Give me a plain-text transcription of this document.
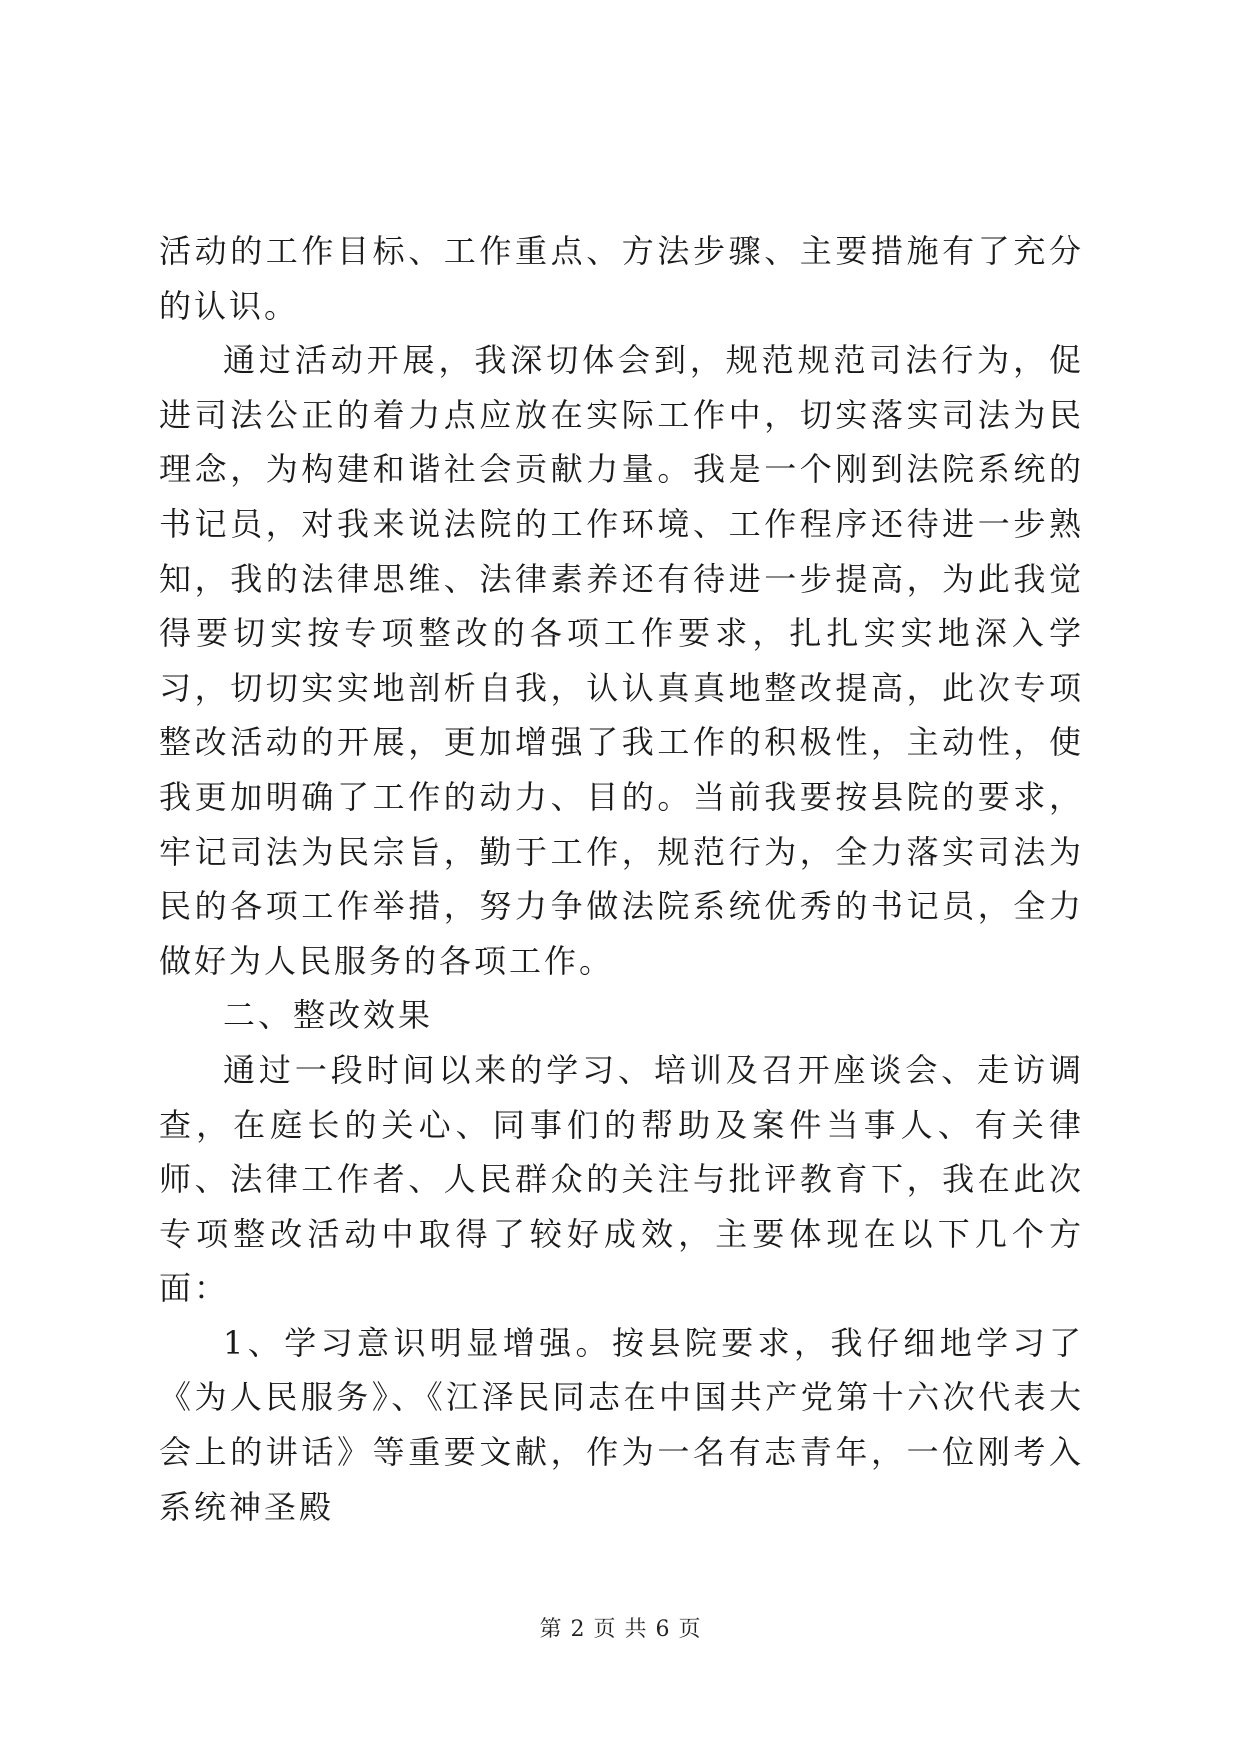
活动的工作目标、工作重点、方法步骤、主要措施有了充分的认识。

通过活动开展，我深切体会到，规范规范司法行为，促进司法公正的着力点应放在实际工作中，切实落实司法为民理念，为构建和谐社会贡献力量。我是一个刚到法院系统的书记员，对我来说法院的工作环境、工作程序还待进一步熟知，我的法律思维、法律素养还有待进一步提高，为此我觉得要切实按专项整改的各项工作要求，扎扎实实地深入学习，切切实实地剖析自我，认认真真地整改提高，此次专项整改活动的开展，更加增强了我工作的积极性，主动性，使我更加明确了工作的动力、目的。当前我要按县院的要求，牢记司法为民宗旨，勤于工作，规范行为，全力落实司法为民的各项工作举措，努力争做法院系统优秀的书记员，全力做好为人民服务的各项工作。

二、整改效果

通过一段时间以来的学习、培训及召开座谈会、走访调查，在庭长的关心、同事们的帮助及案件当事人、有关律师、法律工作者、人民群众的关注与批评教育下，我在此次专项整改活动中取得了较好成效，主要体现在以下几个方面：

1、学习意识明显增强。按县院要求，我仔细地学习了《为人民服务》、《江泽民同志在中国共产党第十六次代表大会上的讲话》等重要文献，作为一名有志青年，一位刚考入系统神圣殿

第 2 页 共 6 页
